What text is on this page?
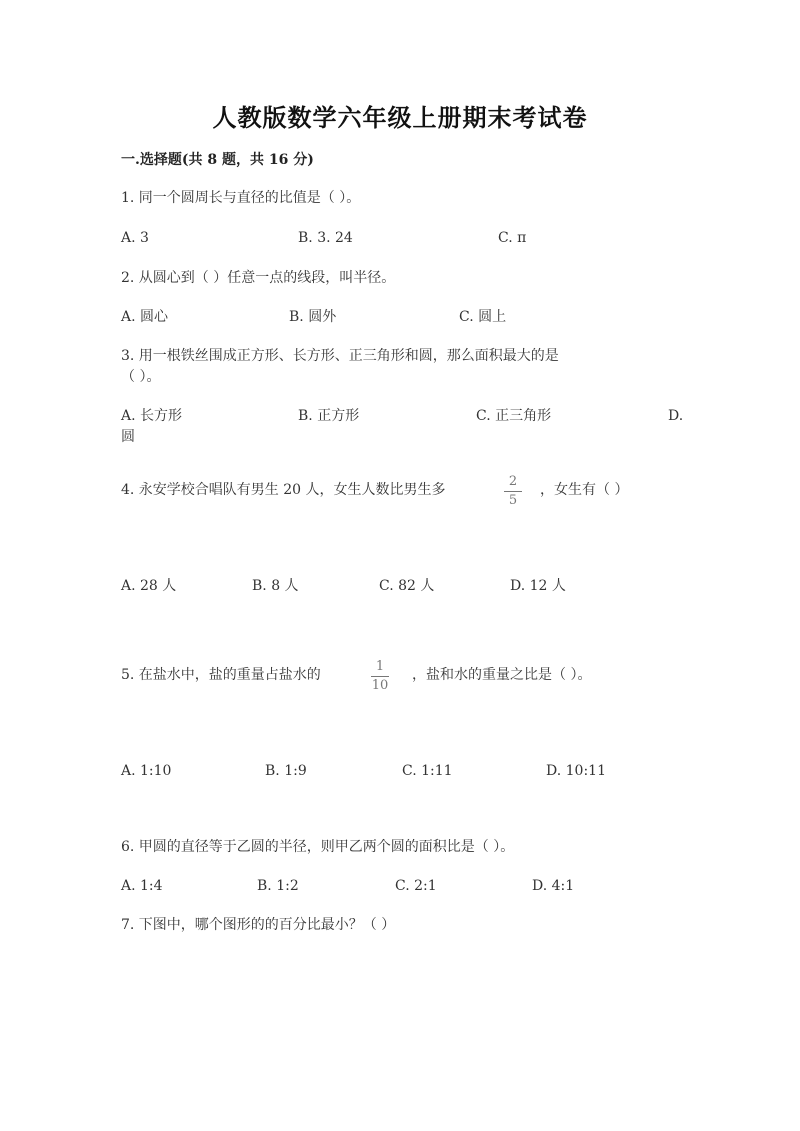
人教版数学六年级上册期末考试卷
一.选择题(共 8 题，共 16 分)
1. 同一个圆周长与直径的比值是（ ）。
A. 3	B. 3. 24	C. π
2. 从圆心到（ ）任意一点的线段，叫半径。
A. 圆心	B. 圆外	C. 圆上
3. 用一根铁丝围成正方形、长方形、正三角形和圆，那么面积最大的是
（ ）。
A. 长方形	B. 正方形	C. 正三角形	D.
圆
4. 永安学校合唱队有男生 20 人，女生人数比男生多
2
5
，女生有（ ）
A. 28 人	B. 8 人	C. 82 人	D. 12 人
5. 在盐水中，盐的重量占盐水的
1
10
，盐和水的重量之比是（ ）。
A. 1:10	B. 1:9	C. 1:11	D. 10:11
6. 甲圆的直径等于乙圆的半径，则甲乙两个圆的面积比是（ ）。
A. 1:4	B. 1:2	C. 2:1	D. 4:1
7. 下图中，哪个图形的的百分比最小？（ ）
